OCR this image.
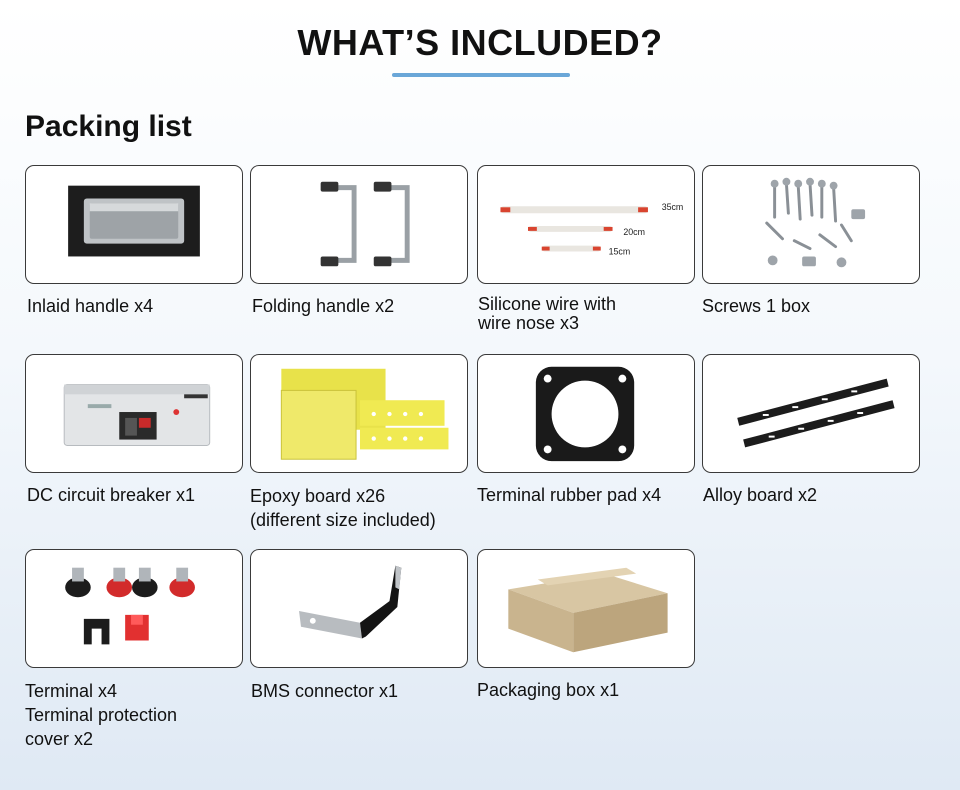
WHAT’S INCLUDED?
Packing list
35cm
20cm
15cm
Inlaid handle x4	Folding handle x2	Silicone wire with
wire nose x3
Screws 1 box
DC circuit breaker x1	Epoxy board x26
(different size included)
Terminal rubber pad x4	Alloy board x2
Terminal x4
Terminal protection
cover x2
BMS connector x1	Packaging box x1
